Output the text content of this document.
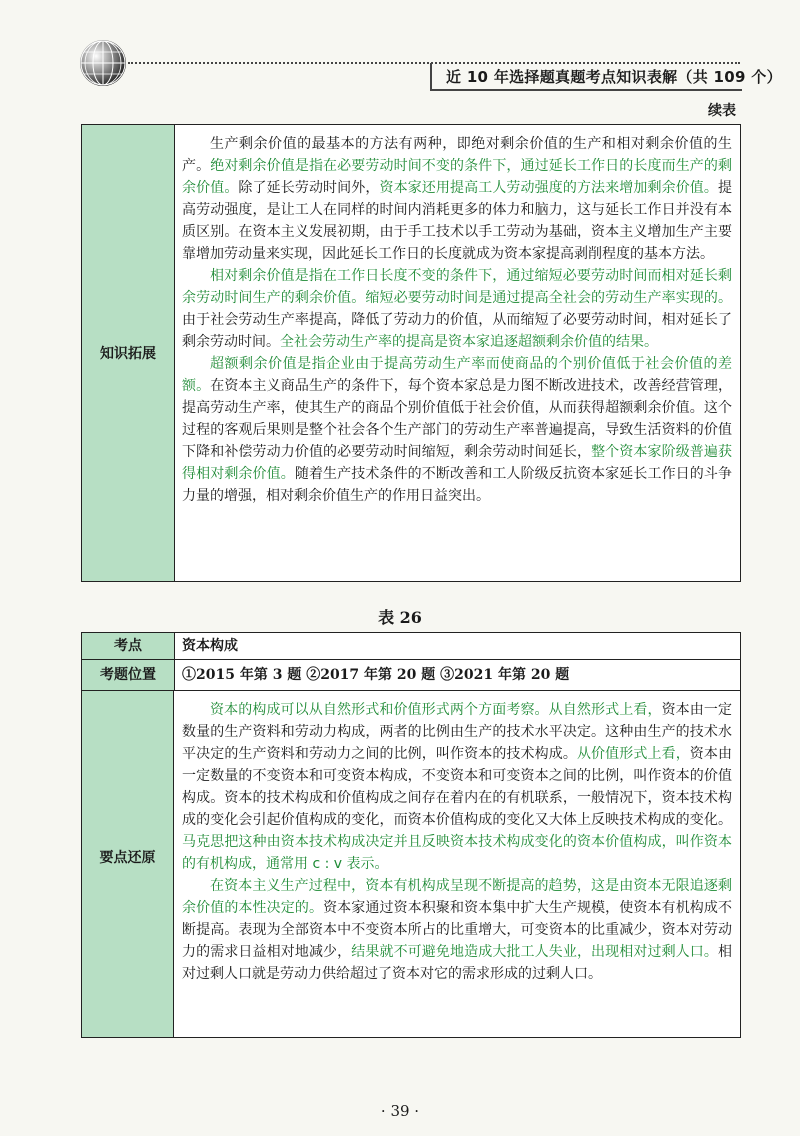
近 10 年选择题真题考点知识表解（共 109 个）
续表
知识拓展

生产剩余价值的最基本的方法有两种，即绝对剩余价值的生产和相对剩余价值的生产。绝对剩余价值是指在必要劳动时间不变的条件下，通过延长工作日的长度而生产的剩余价值。除了延长劳动时间外，资本家还用提高工人劳动强度的方法来增加剩余价值。提高劳动强度，是让工人在同样的时间内消耗更多的体力和脑力，这与延长工作日并没有本质区别。在资本主义发展初期，由于手工技术以手工劳动为基础，资本主义增加生产主要靠增加劳动量来实现，因此延长工作日的长度就成为资本家提高剥削程度的基本方法。

相对剩余价值是指在工作日长度不变的条件下，通过缩短必要劳动时间而相对延长剩余劳动时间生产的剩余价值。缩短必要劳动时间是通过提高全社会的劳动生产率实现的。由于社会劳动生产率提高，降低了劳动力的价值，从而缩短了必要劳动时间，相对延长了剩余劳动时间。全社会劳动生产率的提高是资本家追逐超额剩余价值的结果。

超额剩余价值是指企业由于提高劳动生产率而使商品的个别价值低于社会价值的差额。在资本主义商品生产的条件下，每个资本家总是力图不断改进技术，改善经营管理，提高劳动生产率，使其生产的商品个别价值低于社会价值，从而获得超额剩余价值。这个过程的客观后果则是整个社会各个生产部门的劳动生产率普遍提高，导致生活资料的价值下降和补偿劳动力价值的必要劳动时间缩短，剩余劳动时间延长，整个资本家阶级普遍获得相对剩余价值。随着生产技术条件的不断改善和工人阶级反抗资本家延长工作日的斗争力量的增强，相对剩余价值生产的作用日益突出。

表 26
考点	资本构成
考题位置	①2015 年第 3 题 ②2017 年第 20 题 ③2021 年第 20 题
要点还原

资本的构成可以从自然形式和价值形式两个方面考察。从自然形式上看，资本由一定数量的生产资料和劳动力构成，两者的比例由生产的技术水平决定。这种由生产的技术水平决定的生产资料和劳动力之间的比例，叫作资本的技术构成。从价值形式上看，资本由一定数量的不变资本和可变资本构成，不变资本和可变资本之间的比例，叫作资本的价值构成。资本的技术构成和价值构成之间存在着内在的有机联系，一般情况下，资本技术构成的变化会引起价值构成的变化，而资本价值构成的变化又大体上反映技术构成的变化。马克思把这种由资本技术构成决定并且反映资本技术构成变化的资本价值构成，叫作资本的有机构成，通常用 c : v 表示。

在资本主义生产过程中，资本有机构成呈现不断提高的趋势，这是由资本无限追逐剩余价值的本性决定的。资本家通过资本积聚和资本集中扩大生产规模，使资本有机构成不断提高。表现为全部资本中不变资本所占的比重增大，可变资本的比重减少，资本对劳动力的需求日益相对地减少，结果就不可避免地造成大批工人失业，出现相对过剩人口。相对过剩人口就是劳动力供给超过了资本对它的需求形成的过剩人口。

· 39 ·
